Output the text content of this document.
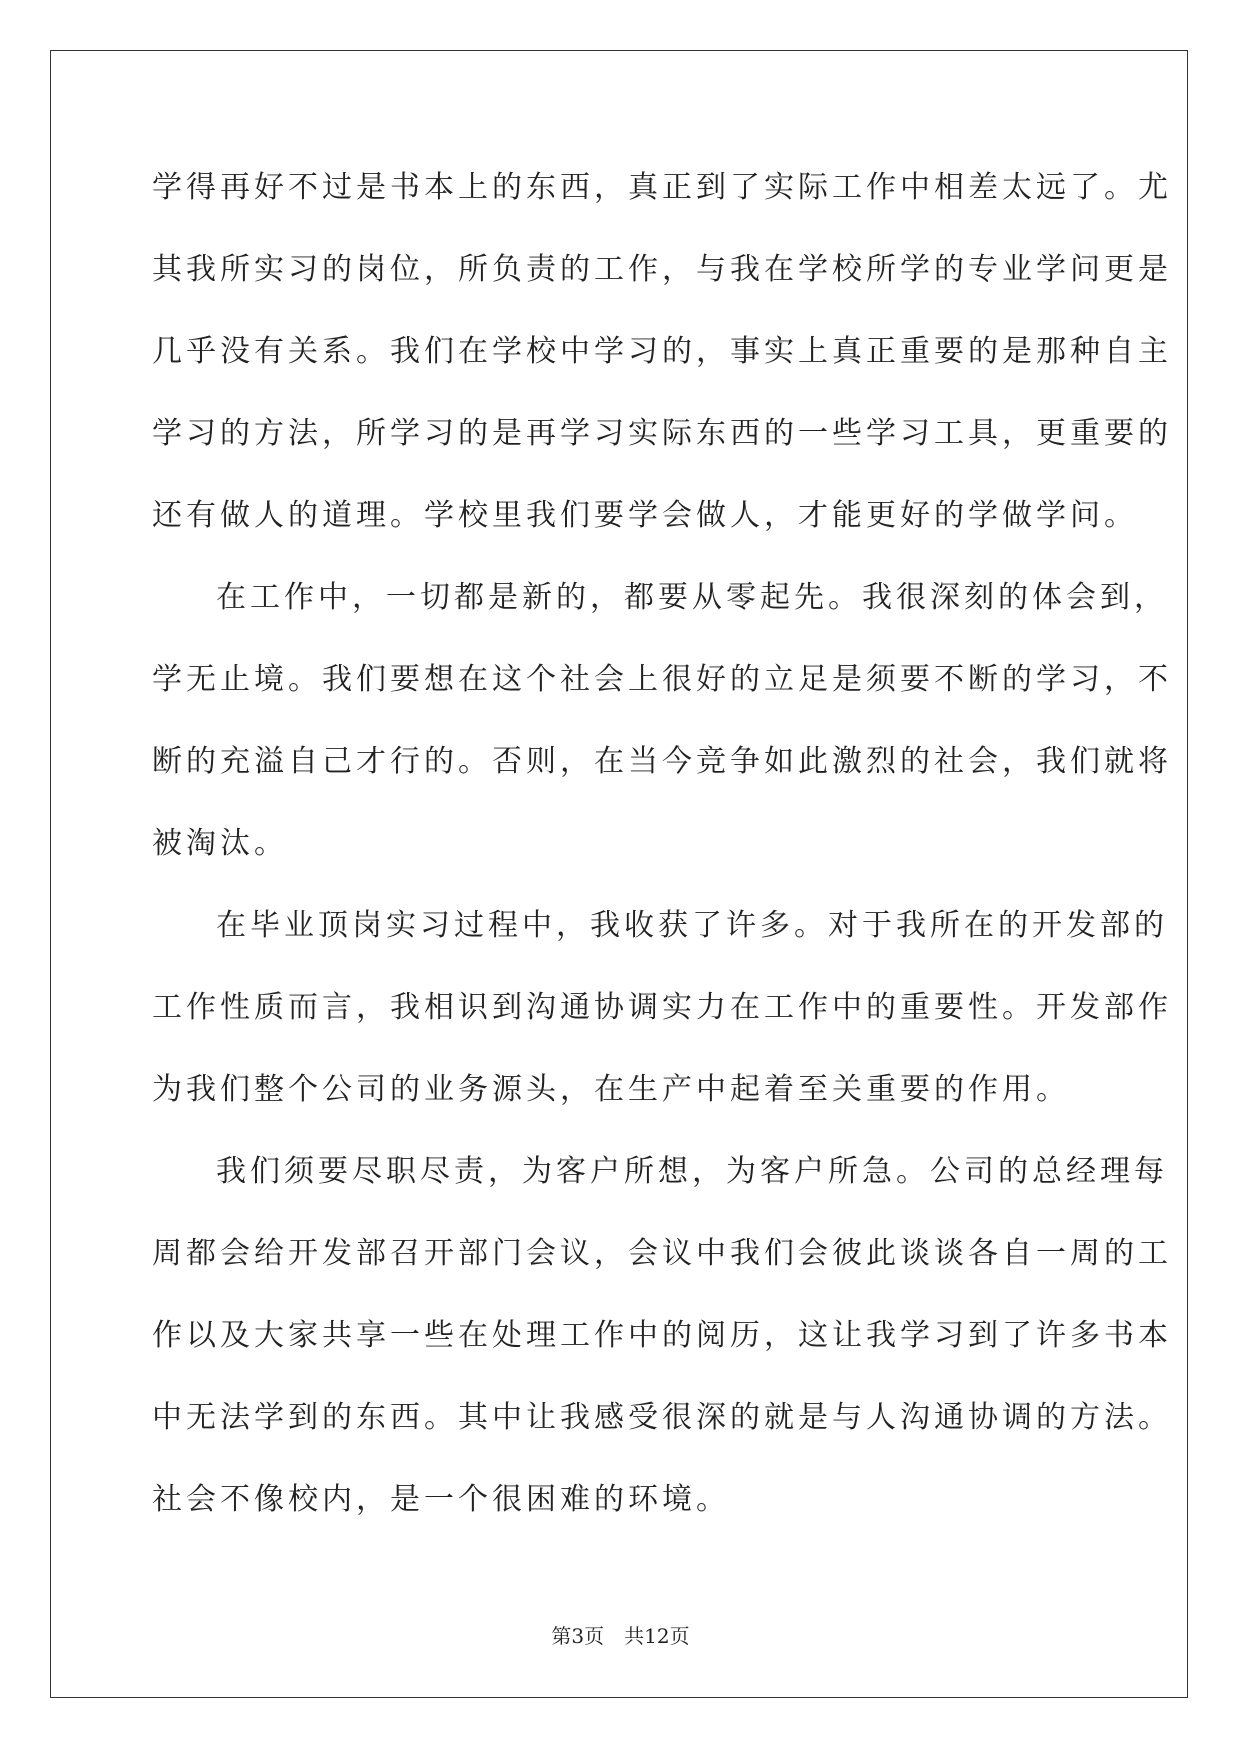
学得再好不过是书本上的东西，真正到了实际工作中相差太远了。尤
其我所实习的岗位，所负责的工作，与我在学校所学的专业学问更是
几乎没有关系。我们在学校中学习的，事实上真正重要的是那种自主
学习的方法，所学习的是再学习实际东西的一些学习工具，更重要的
还有做人的道理。学校里我们要学会做人，才能更好的学做学问。
在工作中，一切都是新的，都要从零起先。我很深刻的体会到，
学无止境。我们要想在这个社会上很好的立足是须要不断的学习，不
断的充溢自己才行的。否则，在当今竞争如此激烈的社会，我们就将
被淘汰。
在毕业顶岗实习过程中，我收获了许多。对于我所在的开发部的
工作性质而言，我相识到沟通协调实力在工作中的重要性。开发部作
为我们整个公司的业务源头，在生产中起着至关重要的作用。
我们须要尽职尽责，为客户所想，为客户所急。公司的总经理每
周都会给开发部召开部门会议，会议中我们会彼此谈谈各自一周的工
作以及大家共享一些在处理工作中的阅历，这让我学习到了许多书本
中无法学到的东西。其中让我感受很深的就是与人沟通协调的方法。
社会不像校内，是一个很困难的环境。
第3页 共12页
